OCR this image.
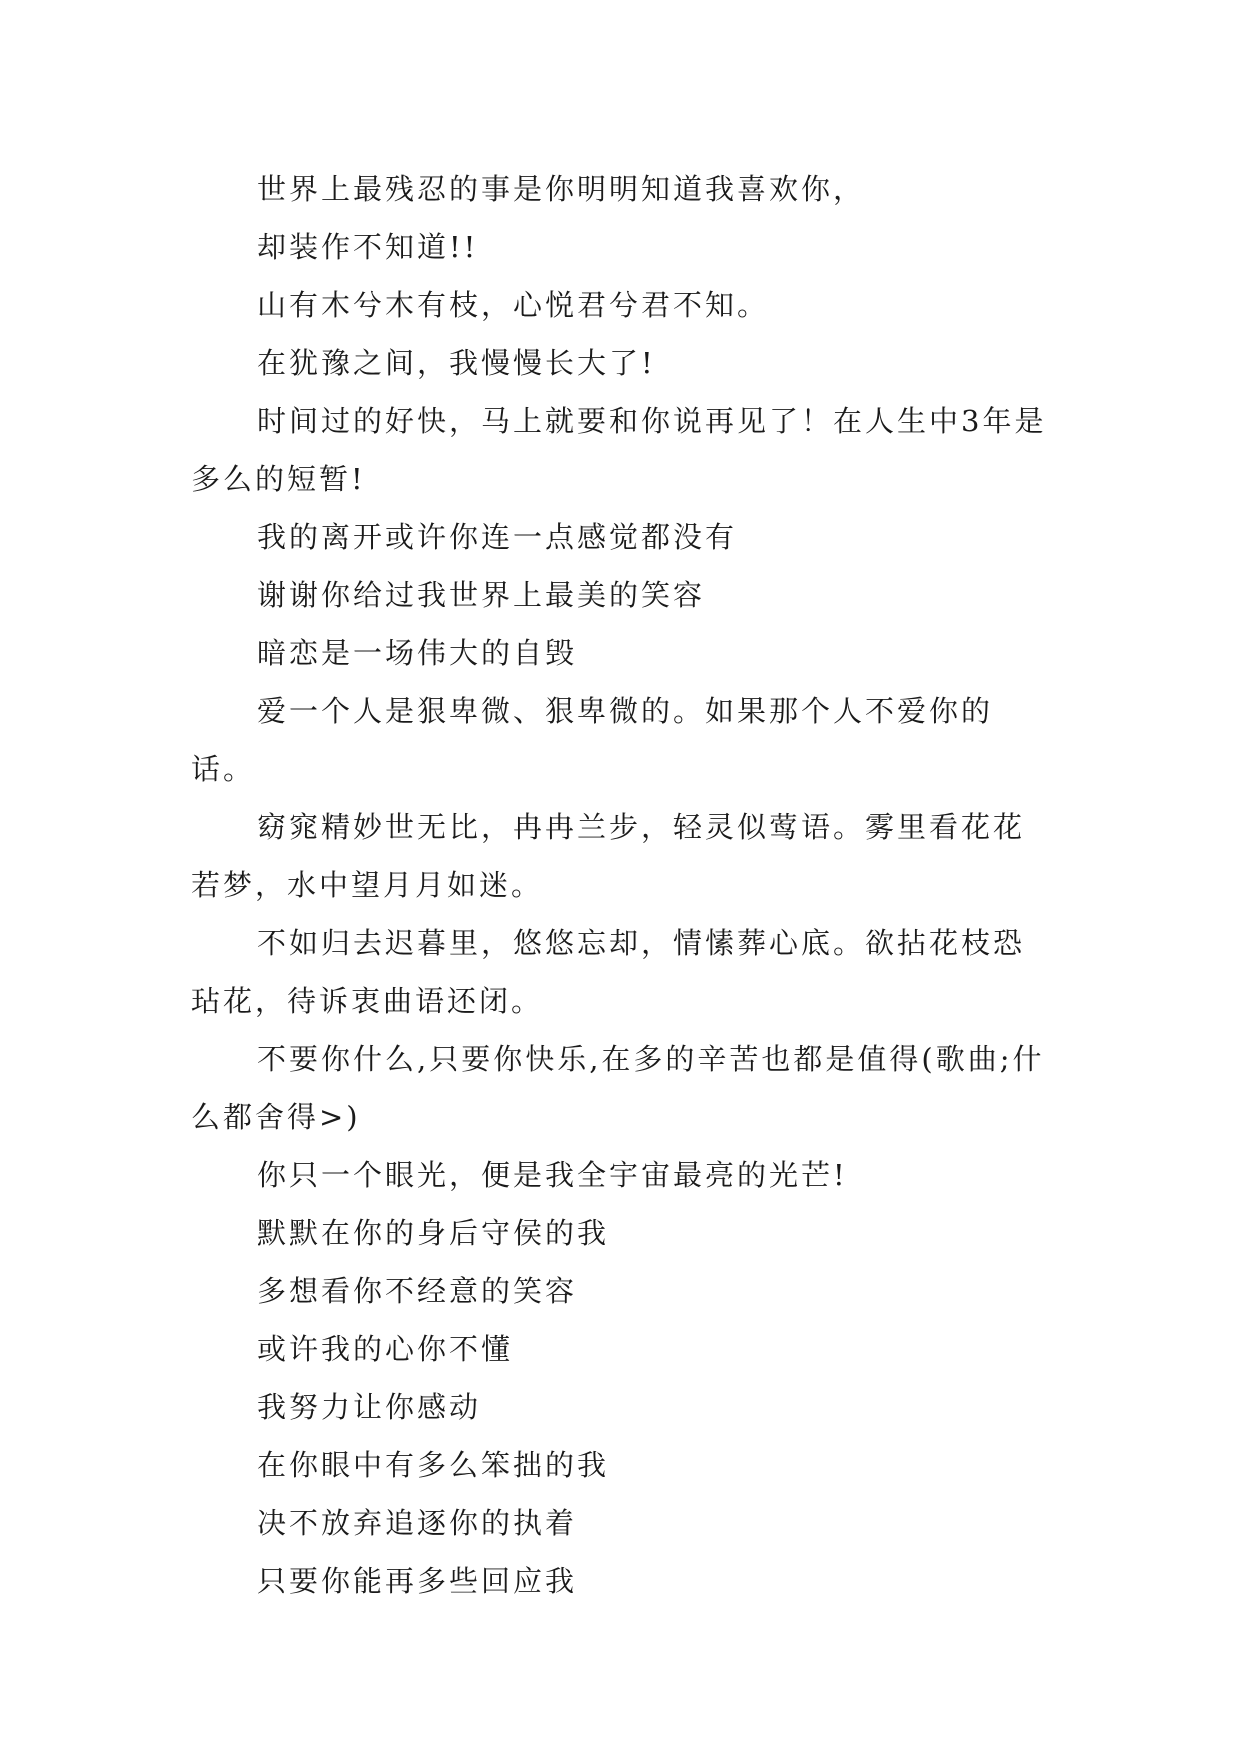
世界上最残忍的事是你明明知道我喜欢你，

却装作不知道!!

山有木兮木有枝，心悦君兮君不知。

在犹豫之间，我慢慢长大了!

时间过的好快，马上就要和你说再见了！在人生中3年是多么的短暂!

我的离开或许你连一点感觉都没有

谢谢你给过我世界上最美的笑容

暗恋是一场伟大的自毁

爱一个人是狠卑微、狠卑微的。如果那个人不爱你的话。

窈窕精妙世无比，冉冉兰步，轻灵似莺语。雾里看花花若梦，水中望月月如迷。

不如归去迟暮里，悠悠忘却，情愫葬心底。欲拈花枝恐玷花，待诉衷曲语还闭。

不要你什么,只要你快乐,在多的辛苦也都是值得(歌曲;什么都舍得>)

你只一个眼光，便是我全宇宙最亮的光芒!

默默在你的身后守侯的我

多想看你不经意的笑容

或许我的心你不懂

我努力让你感动

在你眼中有多么笨拙的我

决不放弃追逐你的执着

只要你能再多些回应我
